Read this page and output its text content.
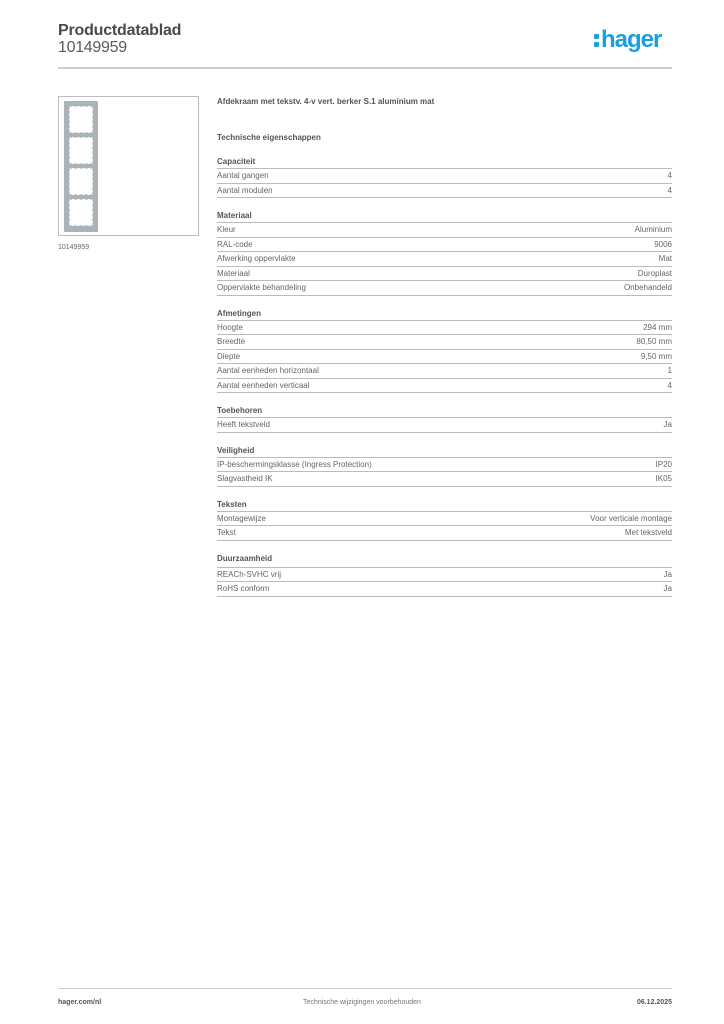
Productdatablad
10149959	hager
10149959
Afdekraam met tekstv. 4-v vert. berker S.1 aluminium mat
Technische eigenschappen
Capaciteit
Aantal gangen	4
Aantal modulen	4
Materiaal
Kleur	Aluminium
RAL-code	9006
Afwerking oppervlakte	Mat
Materiaal	Duroplast
Oppervlakte behandeling	Onbehandeld
Afmetingen
Hoogte	294 mm
Breedte	80,50 mm
Diepte	9,50 mm
Aantal eenheden horizontaal	1
Aantal eenheden verticaal	4
Toebehoren
Heeft tekstveld	Ja
Veiligheid
IP-beschermingsklasse (Ingress Protection)	IP20
Slagvastheid IK	IK05
Teksten
Montagewijze	Voor verticale montage
Tekst	Met tekstveld
Duurzaamheid
REACh-SVHC vrij	Ja
RoHS conform	Ja
hager.com/nl	Technische wijzigingen voorbehouden	06.12.2025
